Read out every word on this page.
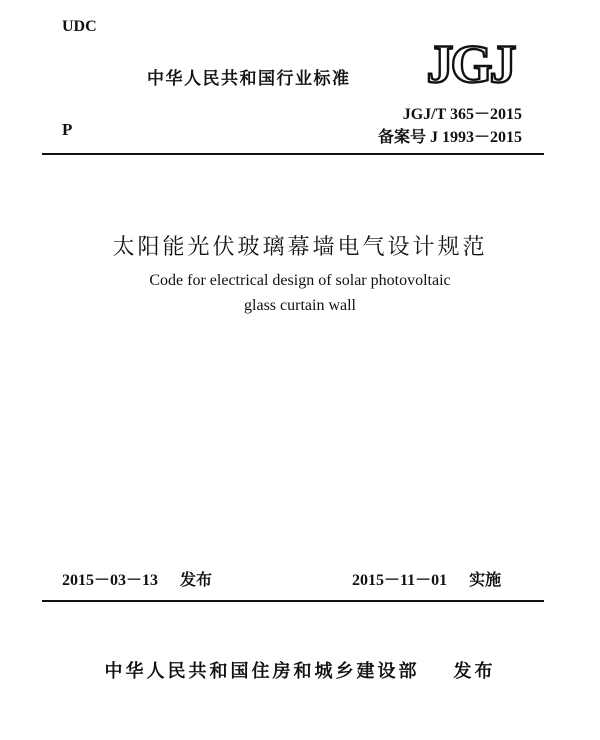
UDC
中华人民共和国行业标准 JGJ
JGJ/T 365－2015
P	备案号 J 1993－2015
太阳能光伏玻璃幕墙电气设计规范
Code for electrical design of solar photovoltaic
glass curtain wall
2015－03－13 发布	2015－11－01 实施
中华人民共和国住房和城乡建设部 发布
